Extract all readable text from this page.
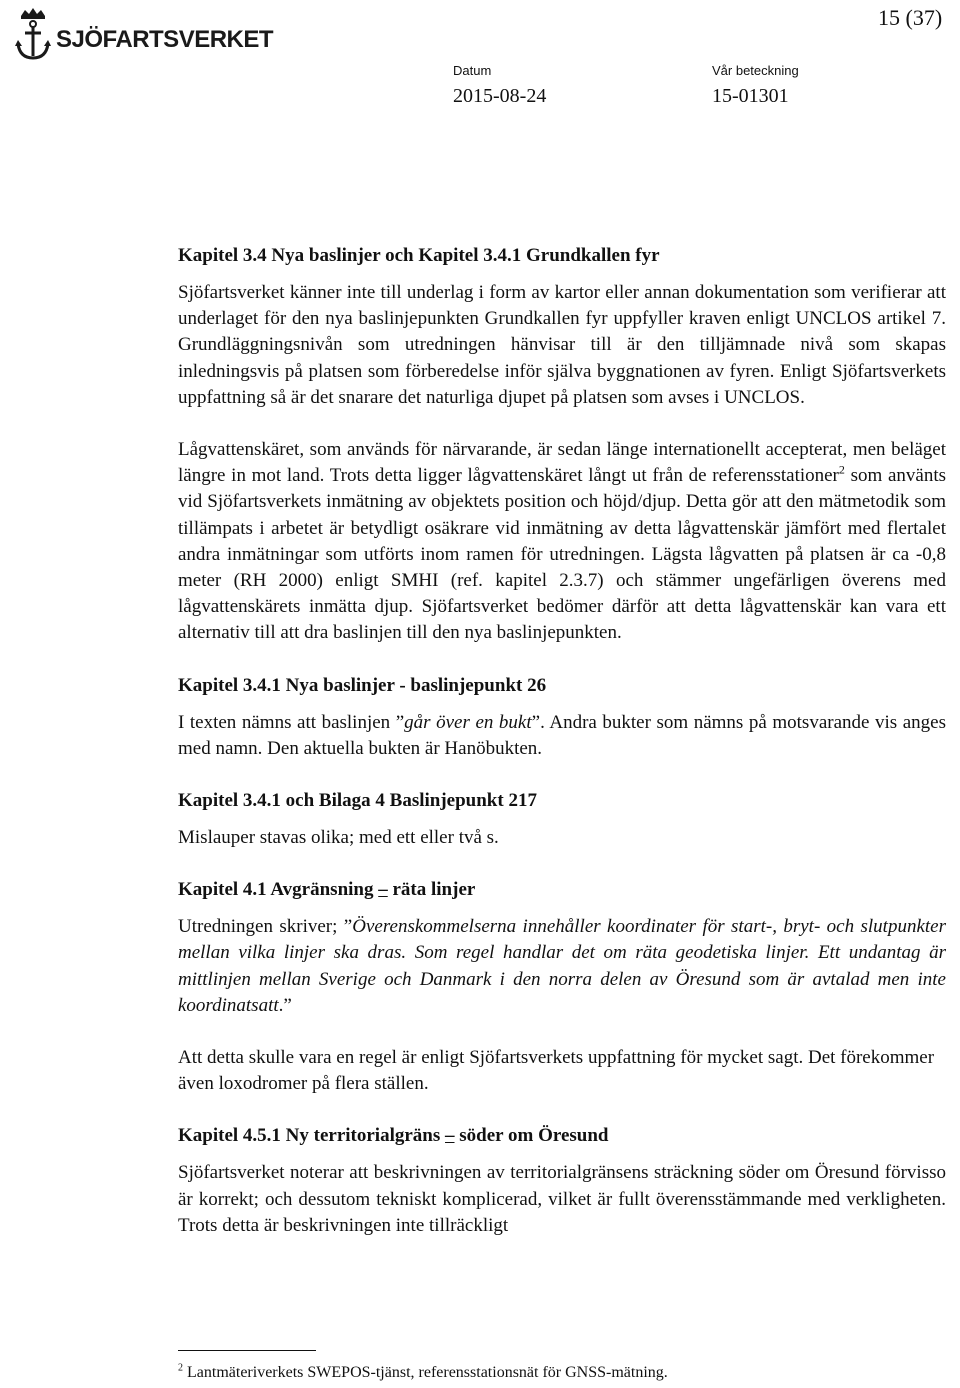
SJÖFARTSVERKET
15 (37)
Datum
2015-08-24
Vår beteckning
15-01301
Kapitel 3.4 Nya baslinjer och Kapitel 3.4.1 Grundkallen fyr

Sjöfartsverket känner inte till underlag i form av kartor eller annan dokumentation som verifierar att underlaget för den nya baslinjepunkten Grundkallen fyr uppfyller kraven enligt UNCLOS artikel 7. Grundläggningsnivån som utredningen hänvisar till är den tilljämnade nivå som skapas inledningsvis på platsen som förberedelse inför själva byggnationen av fyren. Enligt Sjöfartsverkets uppfattning så är det snarare det naturliga djupet på platsen som avses i UNCLOS.

Lågvattenskäret, som används för närvarande, är sedan länge internationellt accepterat, men beläget längre in mot land. Trots detta ligger lågvattenskäret långt ut från de referensstationer$^2$ som använts vid Sjöfartsverkets inmätning av objektets position och höjd/djup. Detta gör att den mätmetodik som tillämpats i arbetet är betydligt osäkrare vid inmätning av detta lågvattenskär jämfört med flertalet andra inmätningar som utförts inom ramen för utredningen. Lägsta lågvatten på platsen är ca -0,8 meter (RH 2000) enligt SMHI (ref. kapitel 2.3.7) och stämmer ungefärligen överens med lågvattenskärets inmätta djup. Sjöfartsverket bedömer därför att detta lågvattenskär kan vara ett alternativ till att dra baslinjen till den nya baslinjepunkten.

Kapitel 3.4.1 Nya baslinjer - baslinjepunkt 26

I texten nämns att baslinjen ”går över en bukt”. Andra bukter som nämns på motsvarande vis anges med namn. Den aktuella bukten är Hanöbukten.

Kapitel 3.4.1 och Bilaga 4 Baslinjepunkt 217

Mislauper stavas olika; med ett eller två s.

Kapitel 4.1 Avgränsning – räta linjer

Utredningen skriver; ”Överenskommelserna innehåller koordinater för start-, bryt- och slutpunkter mellan vilka linjer ska dras. Som regel handlar det om räta geodetiska linjer. Ett undantag är mittlinjen mellan Sverige och Danmark i den norra delen av Öresund som är avtalad men inte koordinatsatt.”

Att detta skulle vara en regel är enligt Sjöfartsverkets uppfattning för mycket sagt. Det förekommer även loxodromer på flera ställen.

Kapitel 4.5.1 Ny territorialgräns – söder om Öresund

Sjöfartsverket noterar att beskrivningen av territorialgränsens sträckning söder om Öresund förvisso är korrekt; och dessutom tekniskt komplicerad, vilket är fullt överensstämmande med verkligheten. Trots detta är beskrivningen inte tillräckligt

$^2$ Lantmäteriverkets SWEPOS-tjänst, referensstationsnät för GNSS-mätning.
